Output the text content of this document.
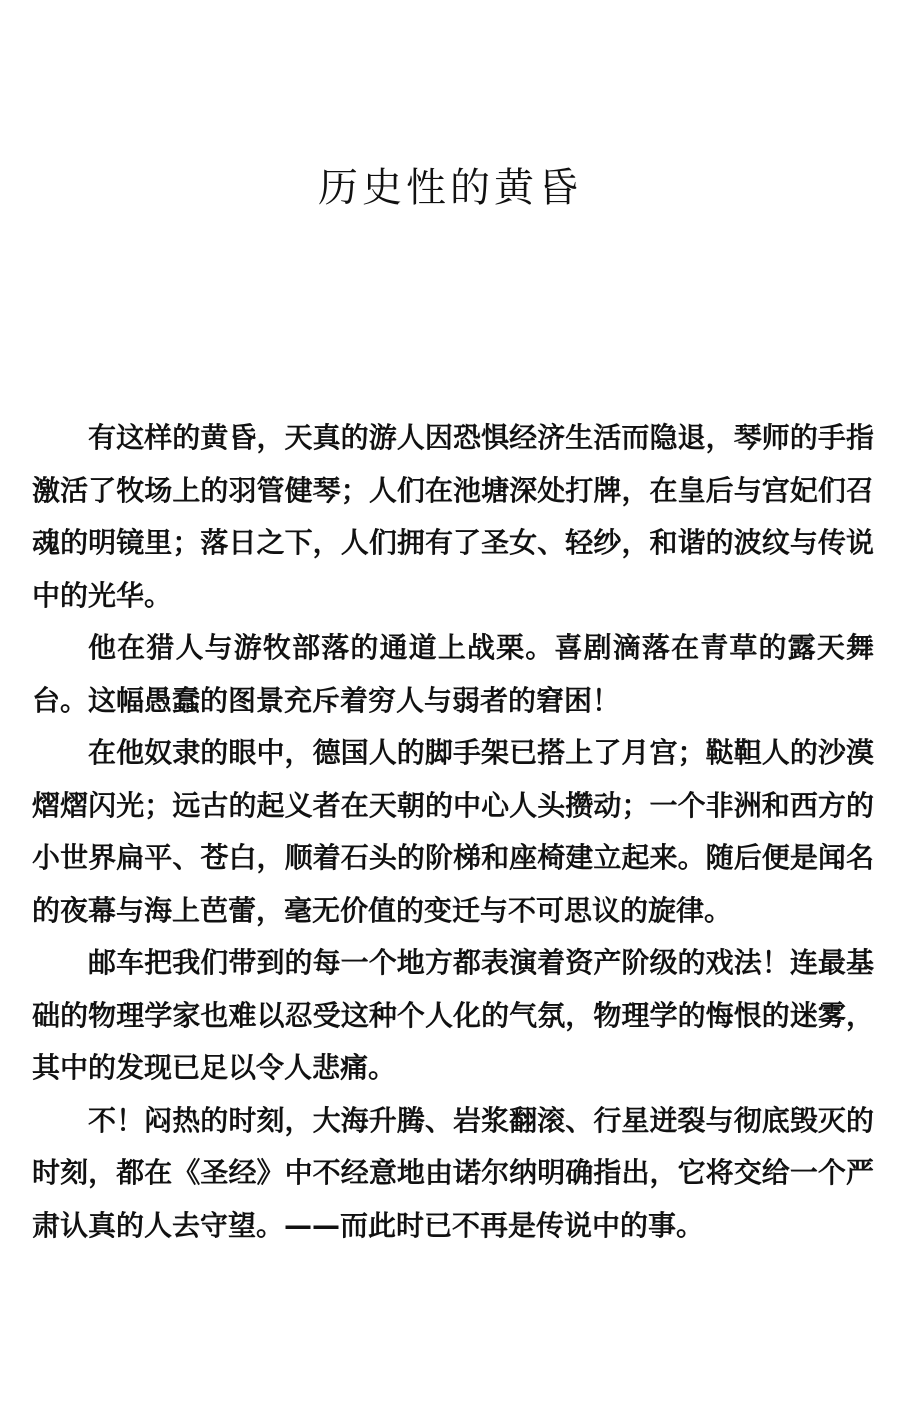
历史性的黄昏

有这样的黄昏，天真的游人因恐惧经济生活而隐退，琴师的手指激活了牧场上的羽管健琴；人们在池塘深处打牌，在皇后与宫妃们召魂的明镜里；落日之下，人们拥有了圣女、轻纱，和谐的波纹与传说中的光华。

他在猎人与游牧部落的通道上战栗。喜剧滴落在青草的露天舞台。这幅愚蠢的图景充斥着穷人与弱者的窘困！

在他奴隶的眼中，德国人的脚手架已搭上了月宫；鞑靼人的沙漠熠熠闪光；远古的起义者在天朝的中心人头攒动；一个非洲和西方的小世界扁平、苍白，顺着石头的阶梯和座椅建立起来。随后便是闻名的夜幕与海上芭蕾，毫无价值的变迁与不可思议的旋律。

邮车把我们带到的每一个地方都表演着资产阶级的戏法！连最基础的物理学家也难以忍受这种个人化的气氛，物理学的悔恨的迷雾，其中的发现已足以令人悲痛。

不！闷热的时刻，大海升腾、岩浆翻滚、行星迸裂与彻底毁灭的时刻，都在《圣经》中不经意地由诺尔纳明确指出，它将交给一个严肃认真的人去守望。——而此时已不再是传说中的事。
